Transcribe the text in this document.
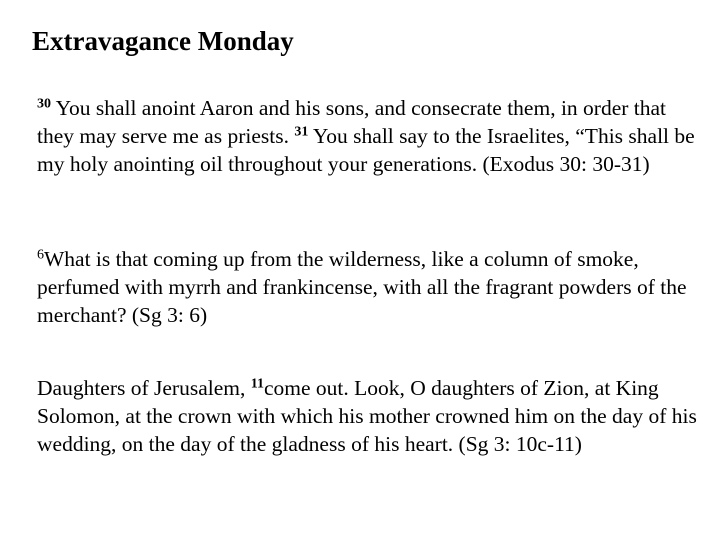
Extravagance Monday

$^{30}$ You shall anoint Aaron and his sons, and consecrate them, in order that they may serve me as priests. $^{31}$ You shall say to the Israelites, “This shall be my holy anointing oil throughout your generations. (Exodus 30: 30-31)

$^6$What is that coming up from the wilderness, like a column of smoke, perfumed with myrrh and frankincense, with all the fragrant powders of the merchant? (Sg 3: 6)

Daughters of Jerusalem, $^{11}$come out. Look, O daughters of Zion, at King Solomon, at the crown with which his mother crowned him on the day of his wedding, on the day of the gladness of his heart. (Sg 3: 10c-11)
